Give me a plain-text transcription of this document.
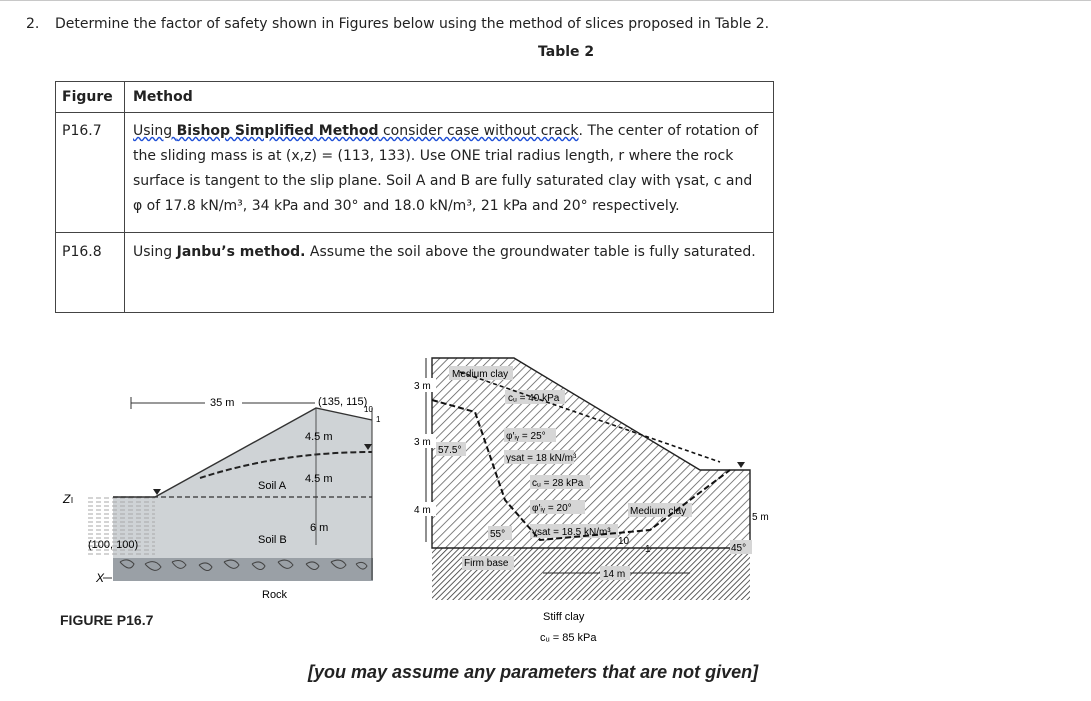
2. Determine the factor of safety shown in Figures below using the method of slices proposed in Table 2.
Table 2
Figure	Method
P16.7	Using Bishop Simplified Method consider case without crack. The center of rotation of the sliding mass is at (x,z) = (113, 133). Use ONE trial radius length, r where the rock surface is tangent to the slip plane. Soil A and B are fully saturated clay with γsat, c and φ of 17.8 kN/m³, 34 kPa and 30° and 18.0 kN/m³, 21 kPa and 20° respectively.
P16.8	Using Janbu’s method. Assume the soil above the groundwater table is fully saturated.
35 m	(135, 115)
10
1
4.5 m
4.5 m
6 m
Soil A
Soil B
Rock
(100, 100)
Z
X
FIGURE P16.7
Medium clay
cᵤ = 40 kPa
φ′ᵢᵧ = 25°
γsat = 18 kN/m³
cᵤ = 28 kPa
φ′ᵢᵧ = 20°
γsat = 18.5 kN/m³
Medium clay
3 m
3 m
4 m
57.5°
55°
Firm base
10
1
14 m
45°
5 m
Stiff clay
cᵤ = 85 kPa
[you may assume any parameters that are not given]
